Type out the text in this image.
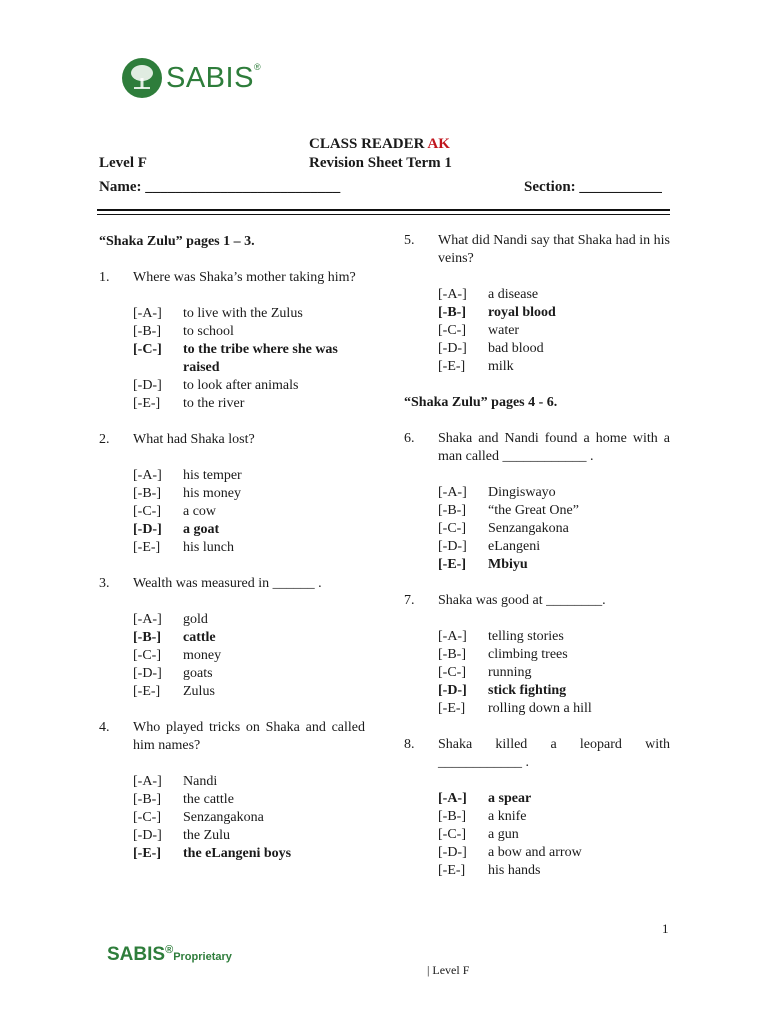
SABIS®
CLASS READER AK
Level F	Revision Sheet Term 1
Name: __________________________	Section: ___________
“Shaka Zulu” pages 1 – 3.
1.	Where was Shaka’s mother taking him?
[-A-]	to live with the Zulus
[-B-]	to school
[-C-]	to the tribe where she was raised
[-D-]	to look after animals
[-E-]	to the river
2.	What had Shaka lost?
[-A-]	his temper
[-B-]	his money
[-C-]	a cow
[-D-]	a goat
[-E-]	his lunch
3.	Wealth was measured in ______ .
[-A-]	gold
[-B-]	cattle
[-C-]	money
[-D-]	goats
[-E-]	Zulus
4.	Who played tricks on Shaka and called him names?
[-A-]	Nandi
[-B-]	the cattle
[-C-]	Senzangakona
[-D-]	the Zulu
[-E-]	the eLangeni boys
5.	What did Nandi say that Shaka had in his veins?
[-A-]	a disease
[-B-]	royal blood
[-C-]	water
[-D-]	bad blood
[-E-]	milk
“Shaka Zulu” pages 4 - 6.
6.	Shaka and Nandi found a home with a man called ____________ .
[-A-]	Dingiswayo
[-B-]	“the Great One”
[-C-]	Senzangakona
[-D-]	eLangeni
[-E-]	Mbiyu
7.	Shaka was good at ________.
[-A-]	telling stories
[-B-]	climbing trees
[-C-]	running
[-D-]	stick fighting
[-E-]	rolling down a hill
8.	Shaka killed a leopard with ____________ .
[-A-]	a spear
[-B-]	a knife
[-C-]	a gun
[-D-]	a bow and arrow
[-E-]	his hands
1
SABIS®Proprietary
| Level F
